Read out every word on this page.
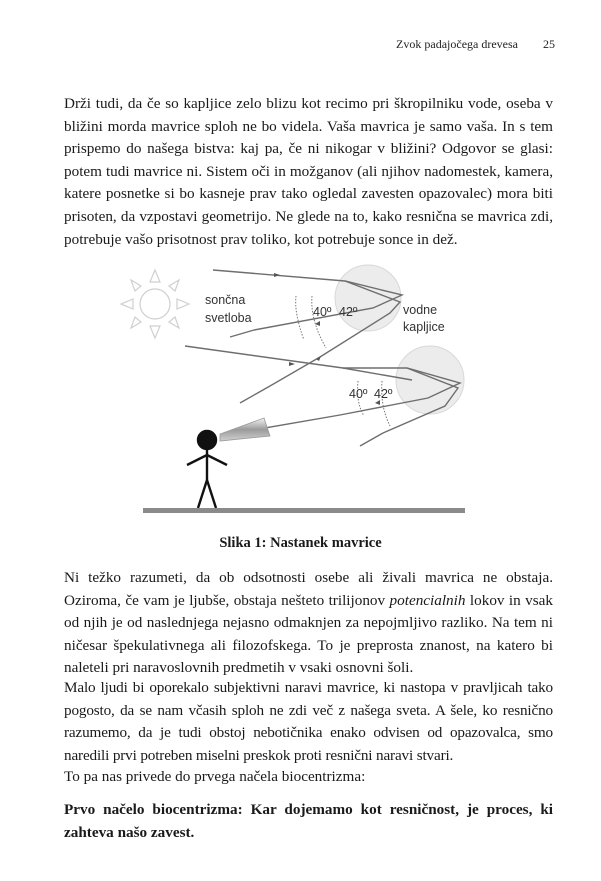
Zvok padajočega drevesa 25

Drži tudi, da če so kapljice zelo blizu kot recimo pri škropilniku vode, oseba v bližini morda mavrice sploh ne bo videla. Vaša mavrica je samo vaša. In s tem prispemo do našega bistva: kaj pa, če ni nikogar v bližini? Odgovor se glasi: potem tudi mavrice ni. Sistem oči in možganov (ali njihov nadomestek, kamera, katere posnetke si bo kasneje prav tako ogledal zavesten opazovalec) mora biti prisoten, da vzpostavi geometrijo. Ne glede na to, kako resnična se mavrica zdi, potrebuje vašo prisotnost prav toliko, kot potrebuje sonce in dež.

40º 42º
40º 42º
sončna
svetloba
vodne
kapljice
Slika 1: Nastanek mavrice

Ni težko razumeti, da ob odsotnosti osebe ali živali mavrica ne obstaja. Oziroma, če vam je ljubše, obstaja nešteto trilijonov potencialnih lokov in vsak od njih je od naslednjega nejasno odmaknjen za nepojmljivo razliko. Na tem ni ničesar špekulativnega ali filozofskega. To je preprosta znanost, na katero bi naleteli pri naravoslovnih predmetih v vsaki osnovni šoli.

Malo ljudi bi oporekalo subjektivni naravi mavrice, ki nastopa v pravljicah tako pogosto, da se nam včasih sploh ne zdi več z našega sveta. A šele, ko resnično razumemo, da je tudi obstoj nebotičnika enako odvisen od opazovalca, smo naredili prvi potreben miselni preskok proti resnični naravi stvari.

To pa nas privede do prvega načela biocentrizma:

Prvo načelo biocentrizma: Kar dojemamo kot resničnost, je proces, ki zahteva našo zavest.
